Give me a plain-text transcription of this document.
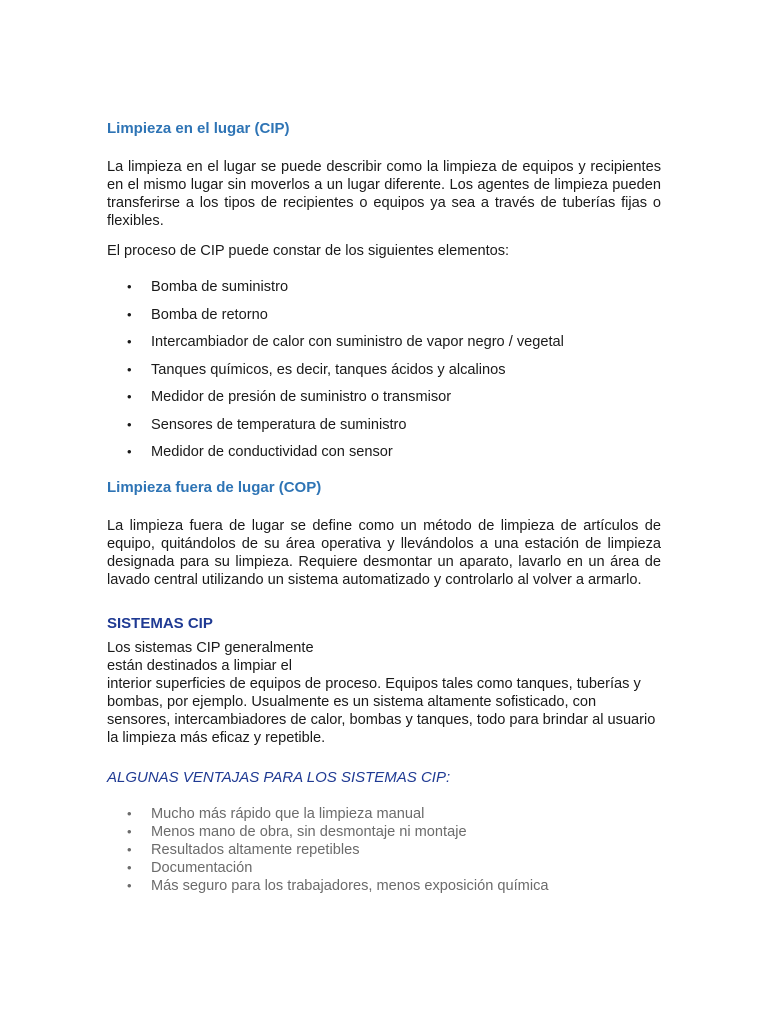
Limpieza en el lugar (CIP)

La limpieza en el lugar se puede describir como la limpieza de equipos y recipientes en el mismo lugar sin moverlos a un lugar diferente. Los agentes de limpieza pueden transferirse a los tipos de recipientes o equipos ya sea a través de tuberías fijas o flexibles.

El proceso de CIP puede constar de los siguientes elementos:

• Bomba de suministro
• Bomba de retorno
• Intercambiador de calor con suministro de vapor negro / vegetal
• Tanques químicos, es decir, tanques ácidos y alcalinos
• Medidor de presión de suministro o transmisor
• Sensores de temperatura de suministro
• Medidor de conductividad con sensor
Limpieza fuera de lugar (COP)

La limpieza fuera de lugar se define como un método de limpieza de artículos de equipo, quitándolos de su área operativa y llevándolos a una estación de limpieza designada para su limpieza. Requiere desmontar un aparato, lavarlo en un área de lavado central utilizando un sistema automatizado y controlarlo al volver a armarlo.

SISTEMAS CIP

Los sistemas CIP generalmente

están destinados a limpiar el

interior superficies de equipos de proceso. Equipos tales como tanques, tuberías y bombas, por ejemplo. Usualmente es un sistema altamente sofisticado, con sensores, intercambiadores de calor, bombas y tanques, todo para brindar al usuario la limpieza más eficaz y repetible.

ALGUNAS VENTAJAS PARA LOS SISTEMAS CIP:
• Mucho más rápido que la limpieza manual
• Menos mano de obra, sin desmontaje ni montaje
• Resultados altamente repetibles
• Documentación
• Más seguro para los trabajadores, menos exposición química
